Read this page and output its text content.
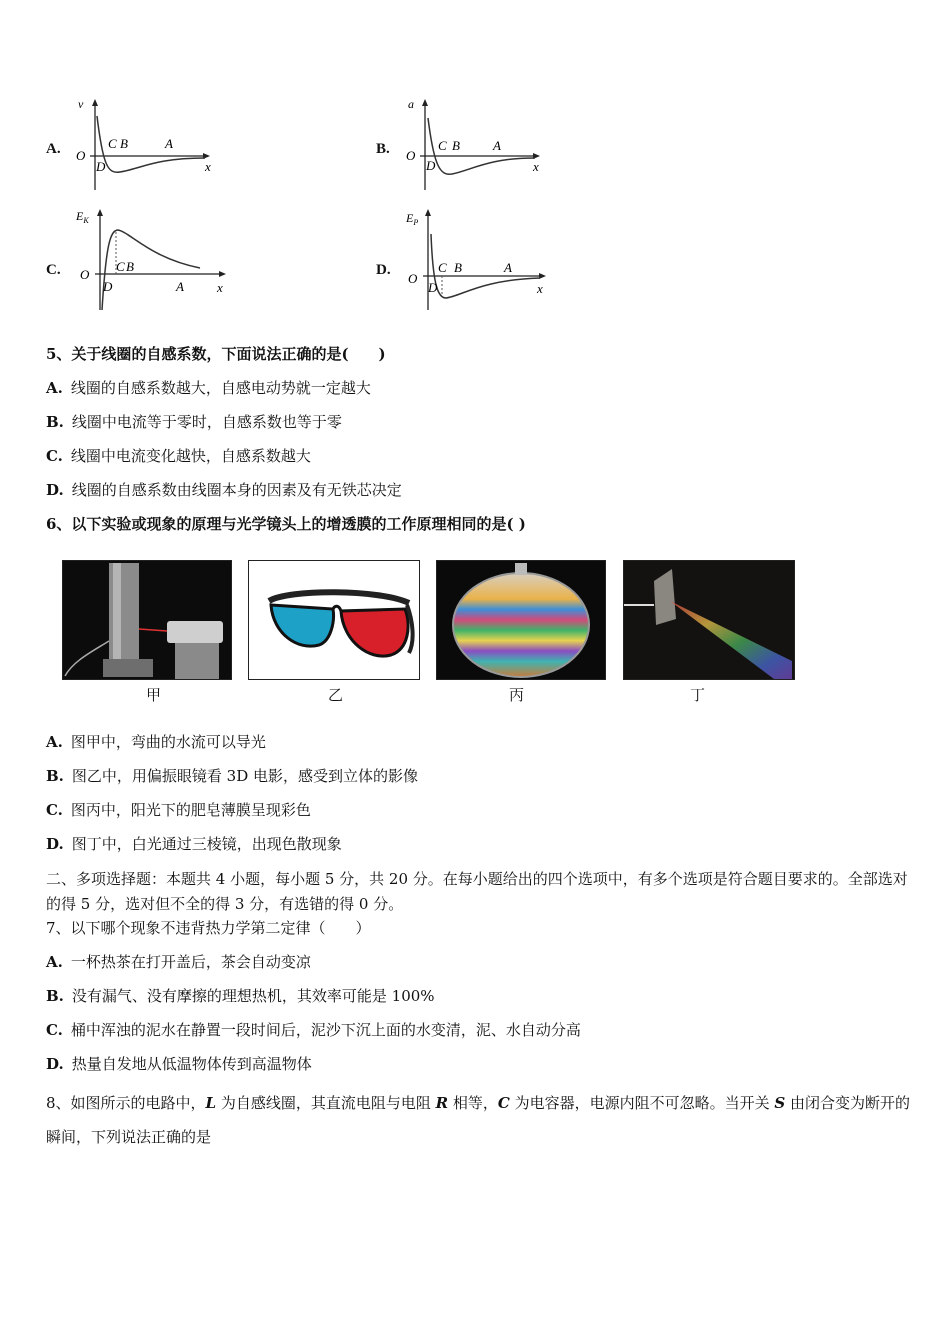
A.
v
O
x
C B	A
D
B.
a
O
x
C B	A
D
C.
$E_K$
O
x
C B
A
D
D.
$E_P$
O
x
C B	A
D
5、关于线圈的自感系数，下面说法正确的是(　　)
A. 线圈的自感系数越大，自感电动势就一定越大
B. 线圈中电流等于零时，自感系数也等于零
C. 线圈中电流变化越快，自感系数越大
D. 线圈的自感系数由线圈本身的因素及有无铁芯决定
6、以下实验或现象的原理与光学镜头上的增透膜的工作原理相同的是( )
甲	乙	丙	丁
A. 图甲中，弯曲的水流可以导光
B. 图乙中，用偏振眼镜看 3D 电影，感受到立体的影像
C. 图丙中，阳光下的肥皂薄膜呈现彩色
D. 图丁中，白光通过三棱镜，出现色散现象
二、多项选择题：本题共 4 小题，每小题 5 分，共 20 分。在每小题给出的四个选项中，有多个选项是符合题目要求的。全部选对的得 5 分，选对但不全的得 3 分，有选错的得 0 分。
7、以下哪个现象不违背热力学第二定律（　　）
A. 一杯热茶在打开盖后，茶会自动变凉
B. 没有漏气、没有摩擦的理想热机，其效率可能是 100%
C. 桶中浑浊的泥水在静置一段时间后，泥沙下沉上面的水变清，泥、水自动分高
D. 热量自发地从低温物体传到高温物体
8、如图所示的电路中，L 为自感线圈，其直流电阻与电阻 R 相等，C 为电容器，电源内阻不可忽略。当开关 S 由闭合变为断开的瞬间，下列说法正确的是
